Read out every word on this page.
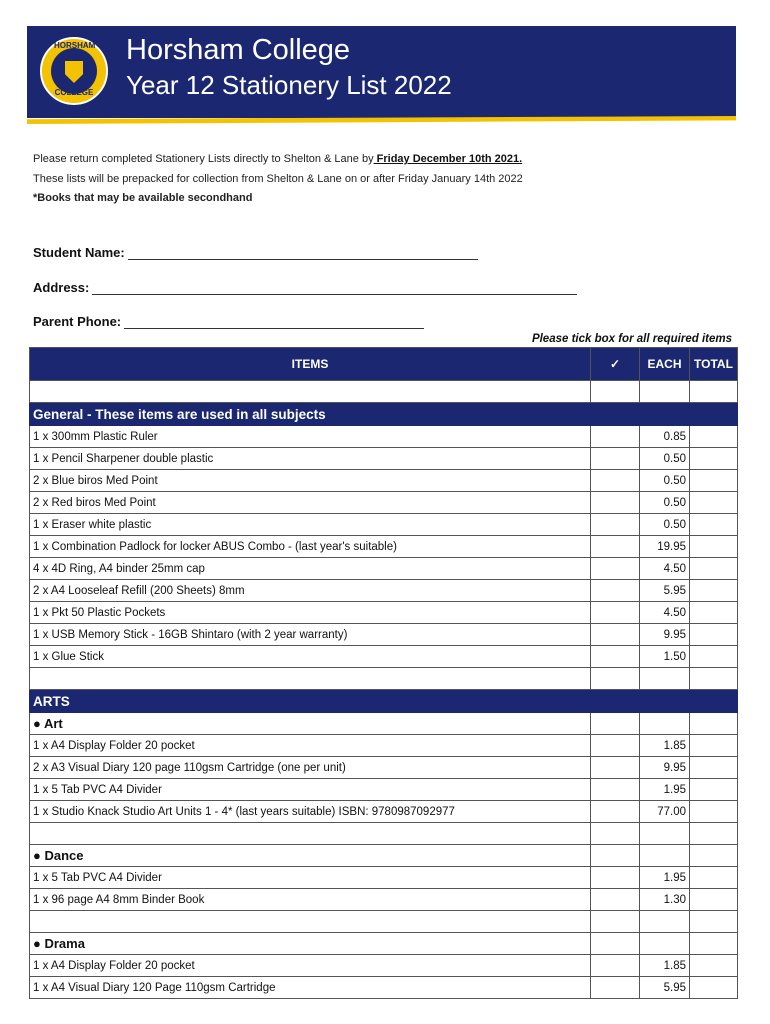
HORSHAM
COLLEGE
Horsham College
Year 12 Stationery List 2022
Please return completed Stationery Lists directly to Shelton & Lane by Friday December 10th 2021.
These lists will be prepacked for collection from Shelton & Lane on or after Friday January 14th 2022
*Books that may be available secondhand
Student Name:
Address:
Parent Phone:
Please tick box for all required items
ITEMS	✓	EACH	TOTAL

General - These items are used in all subjects			
1 x 300mm Plastic Ruler		0.85	
1 x Pencil Sharpener double plastic		0.50	
2 x Blue biros Med Point		0.50	
2 x Red biros Med Point		0.50	
1 x Eraser white plastic		0.50	
1 x Combination Padlock for locker ABUS Combo - (last year's suitable)		19.95	
4 x 4D Ring, A4 binder 25mm cap		4.50	
2 x A4 Looseleaf Refill (200 Sheets) 8mm		5.95	
1 x Pkt 50 Plastic Pockets		4.50	
1 x USB Memory Stick - 16GB Shintaro (with 2 year warranty)		9.95	
1 x Glue Stick		1.50	

ARTS			
● Art			
1 x A4 Display Folder 20 pocket		1.85	
2 x A3 Visual Diary 120 page 110gsm Cartridge (one per unit)		9.95	
1 x 5 Tab PVC A4 Divider		1.95	
1 x Studio Knack Studio Art Units 1 - 4* (last years suitable) ISBN: 9780987092977		77.00	

● Dance			
1 x 5 Tab PVC A4 Divider		1.95	
1 x 96 page A4 8mm Binder Book		1.30	

● Drama			
1 x A4 Display Folder 20 pocket		1.85	
1 x A4 Visual Diary 120 Page 110gsm Cartridge		5.95	
